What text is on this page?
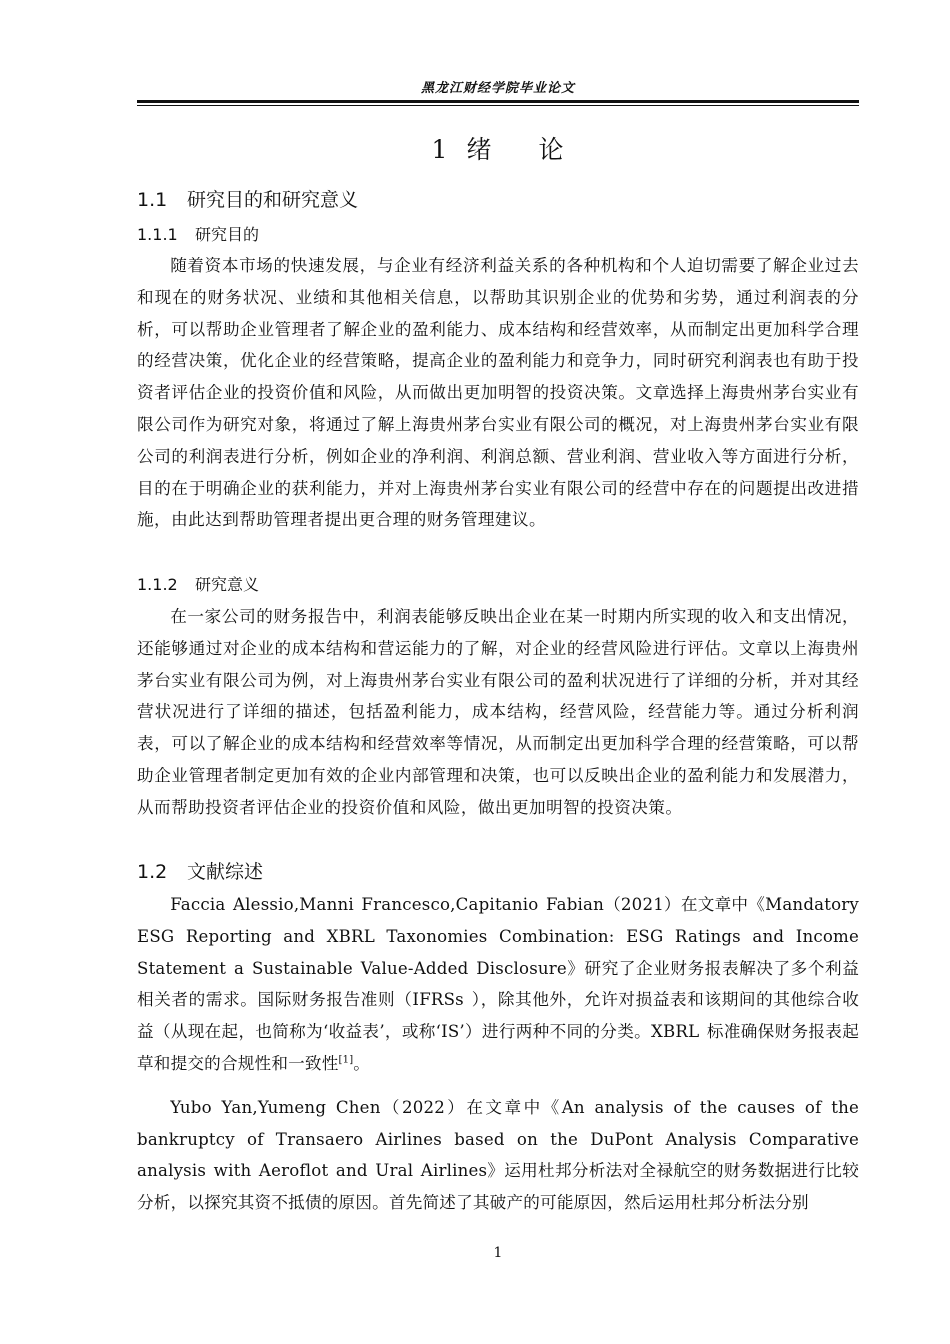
黑龙江财经学院毕业论文
1 绪 论
1.1 研究目的和研究意义
1.1.1 研究目的

随着资本市场的快速发展，与企业有经济利益关系的各种机构和个人迫切需要了解企业过去和现在的财务状况、业绩和其他相关信息，以帮助其识别企业的优势和劣势，通过利润表的分析，可以帮助企业管理者了解企业的盈利能力、成本结构和经营效率，从而制定出更加科学合理的经营决策，优化企业的经营策略，提高企业的盈利能力和竞争力，同时研究利润表也有助于投资者评估企业的投资价值和风险，从而做出更加明智的投资决策。文章选择上海贵州茅台实业有限公司作为研究对象，将通过了解上海贵州茅台实业有限公司的概况，对上海贵州茅台实业有限公司的利润表进行分析，例如企业的净利润、利润总额、营业利润、营业收入等方面进行分析，目的在于明确企业的获利能力，并对上海贵州茅台实业有限公司的经营中存在的问题提出改进措施，由此达到帮助管理者提出更合理的财务管理建议。

1.1.2 研究意义

在一家公司的财务报告中，利润表能够反映出企业在某一时期内所实现的收入和支出情况，还能够通过对企业的成本结构和营运能力的了解，对企业的经营风险进行评估。文章以上海贵州茅台实业有限公司为例，对上海贵州茅台实业有限公司的盈利状况进行了详细的分析，并对其经营状况进行了详细的描述，包括盈利能力，成本结构，经营风险，经营能力等。通过分析利润表，可以了解企业的成本结构和经营效率等情况，从而制定出更加科学合理的经营策略，可以帮助企业管理者制定更加有效的企业内部管理和决策，也可以反映出企业的盈利能力和发展潜力，从而帮助投资者评估企业的投资价值和风险，做出更加明智的投资决策。

1.2 文献综述

Faccia Alessio,Manni Francesco,Capitanio Fabian（2021）在文章中《Mandatory ESG Reporting and XBRL Taxonomies Combination: ESG Ratings and Income Statement a Sustainable Value-Added Disclosure》研究了企业财务报表解决了多个利益相关者的需求。国际财务报告准则（IFRSs ），除其他外，允许对损益表和该期间的其他综合收益（从现在起，也简称为‘收益表’，或称‘IS’）进行两种不同的分类。XBRL 标准确保财务报表起草和提交的合规性和一致性[1]。

Yubo Yan,Yumeng Chen（2022）在文章中《An analysis of the causes of the bankruptcy of Transaero Airlines based on the DuPont Analysis Comparative analysis with Aeroflot and Ural Airlines》运用杜邦分析法对全禄航空的财务数据进行比较分析，以探究其资不抵债的原因。首先简述了其破产的可能原因，然后运用杜邦分析法分别

1
